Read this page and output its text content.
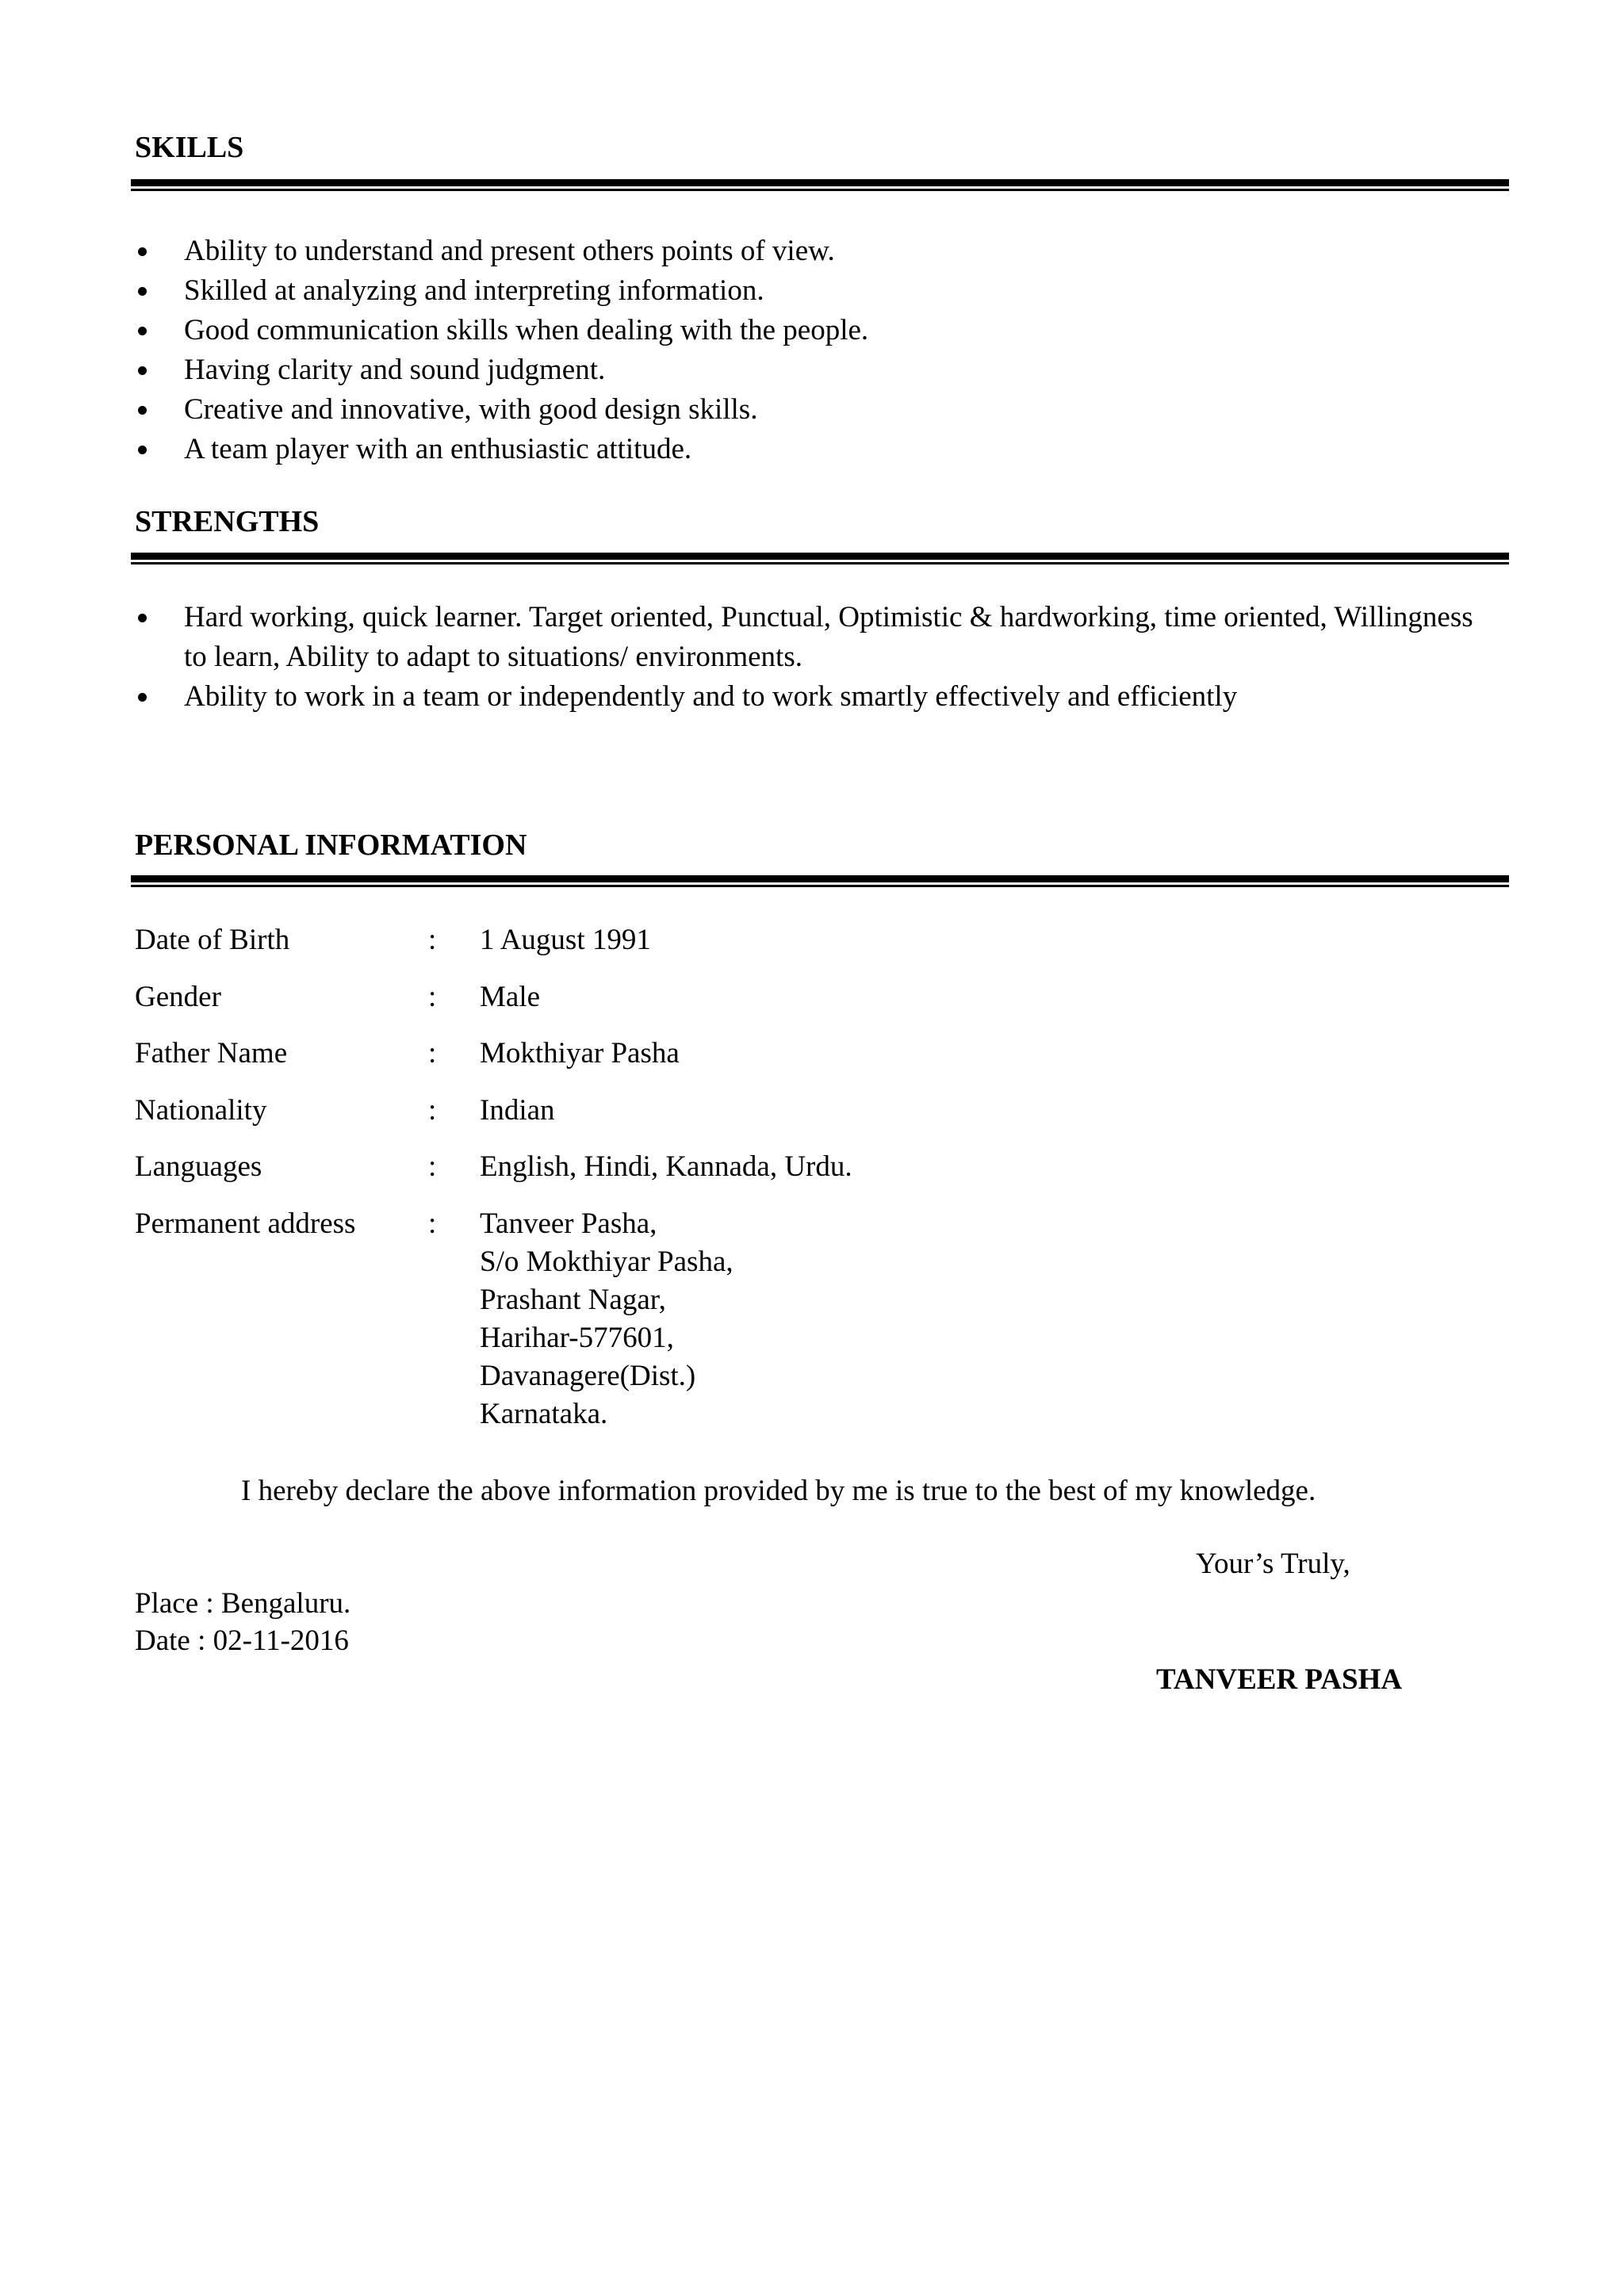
SKILLS
Ability to understand and present others points of view.
Skilled at analyzing and interpreting information.
Good communication skills when dealing with the people.
Having clarity and sound judgment.
Creative and innovative, with good design skills.
A team player with an enthusiastic attitude.
STRENGTHS
Hard working, quick learner. Target oriented, Punctual, Optimistic & hardworking, time oriented, Willingness to learn, Ability to adapt to situations/ environments.
Ability to work in a team or independently and to work smartly effectively and efficiently
PERSONAL INFORMATION
Date of Birth	: 1 August 1991
Gender	: Male
Father Name	: Mokthiyar Pasha
Nationality	: Indian
Languages	: English, Hindi, Kannada, Urdu.
Permanent address : Tanveer Pasha,
S/o Mokthiyar Pasha,
Prashant Nagar,
Harihar-577601,
Davanagere(Dist.)
Karnataka.
I hereby declare the above information provided by me is true to the best of my knowledge.
Your’s Truly,
Place : Bengaluru.
Date : 02-11-2016
TANVEER PASHA
